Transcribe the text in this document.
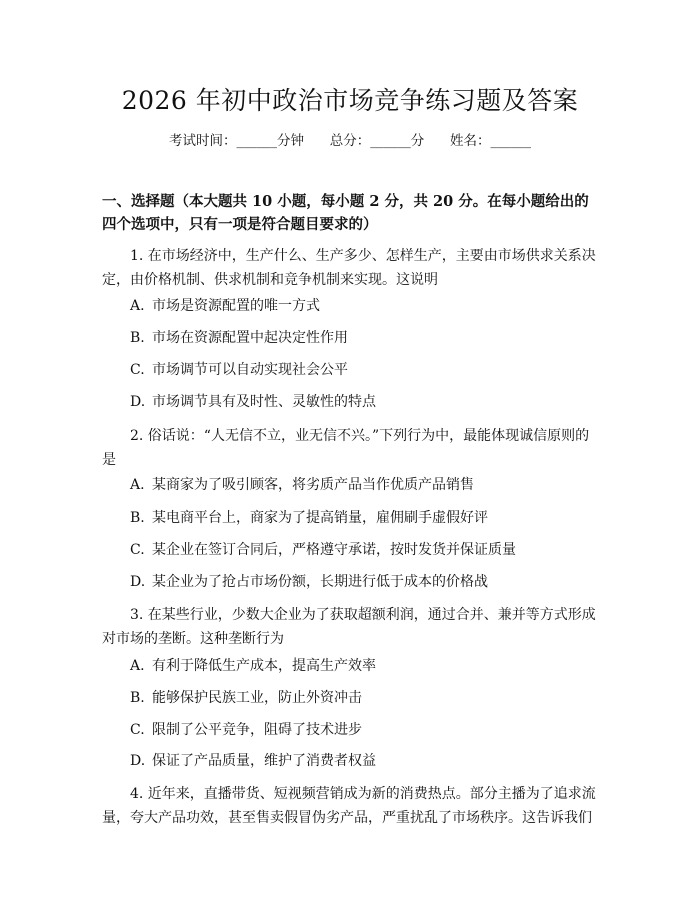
2026 年初中政治市场竞争练习题及答案
考试时间：______分钟 总分：______分 姓名：______
一、选择题（本大题共 10 小题，每小题 2 分，共 20 分。在每小题给出的四个选项中，只有一项是符合题目要求的）
1. 在市场经济中，生产什么、生产多少、怎样生产，主要由市场供求关系决定，由价格机制、供求机制和竞争机制来实现。这说明
A. 市场是资源配置的唯一方式
B. 市场在资源配置中起决定性作用
C. 市场调节可以自动实现社会公平
D. 市场调节具有及时性、灵敏性的特点
2. 俗话说：“人无信不立，业无信不兴。”下列行为中，最能体现诚信原则的是
A. 某商家为了吸引顾客，将劣质产品当作优质产品销售
B. 某电商平台上，商家为了提高销量，雇佣刷手虚假好评
C. 某企业在签订合同后，严格遵守承诺，按时发货并保证质量
D. 某企业为了抢占市场份额，长期进行低于成本的价格战
3. 在某些行业，少数大企业为了获取超额利润，通过合并、兼并等方式形成对市场的垄断。这种垄断行为
A. 有利于降低生产成本，提高生产效率
B. 能够保护民族工业，防止外资冲击
C. 限制了公平竞争，阻碍了技术进步
D. 保证了产品质量，维护了消费者权益
4. 近年来，直播带货、短视频营销成为新的消费热点。部分主播为了追求流量，夸大产品功效，甚至售卖假冒伪劣产品，严重扰乱了市场秩序。这告诉我们
